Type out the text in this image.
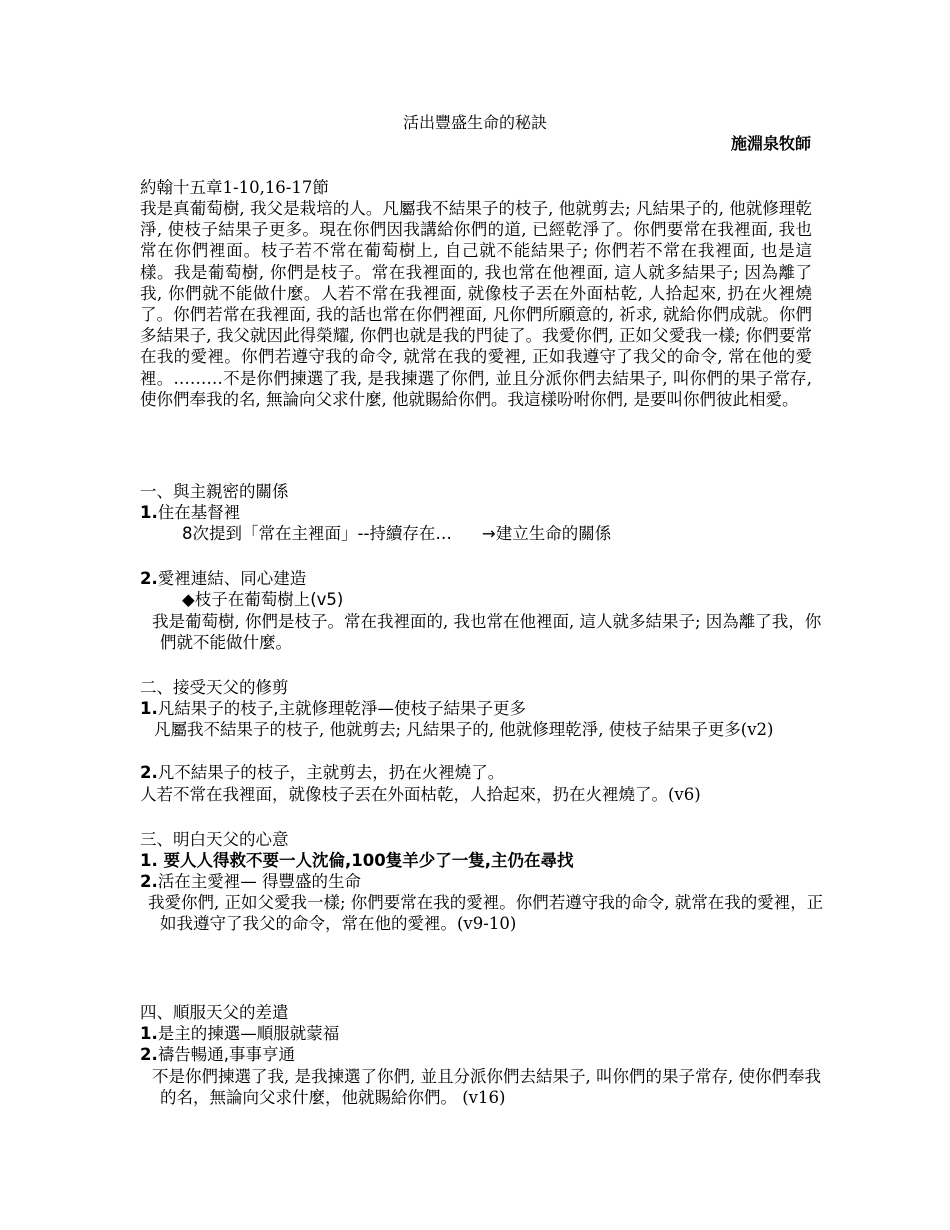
活出豐盛生命的秘訣
施淵泉牧師
約翰十五章1-10,16-17節
我是真葡萄樹, 我父是栽培的人。凡屬我不結果子的枝子, 他就剪去; 凡結果子的, 他就修理乾淨, 使枝子結果子更多。現在你們因我講給你們的道, 已經乾淨了。你們要常在我裡面, 我也常在你們裡面。枝子若不常在葡萄樹上, 自己就不能結果子; 你們若不常在我裡面, 也是這樣。我是葡萄樹, 你們是枝子。常在我裡面的, 我也常在他裡面, 這人就多結果子; 因為離了我, 你們就不能做什麼。人若不常在我裡面, 就像枝子丟在外面枯乾, 人拾起來, 扔在火裡燒了。你們若常在我裡面, 我的話也常在你們裡面, 凡你們所願意的, 祈求, 就給你們成就。你們多結果子, 我父就因此得榮耀, 你們也就是我的門徒了。我愛你們, 正如父愛我一樣; 你們要常在我的愛裡。你們若遵守我的命令, 就常在我的愛裡, 正如我遵守了我父的命令, 常在他的愛裡。………不是你們揀選了我, 是我揀選了你們, 並且分派你們去結果子, 叫你們的果子常存, 使你們奉我的名, 無論向父求什麼, 他就賜給你們。我這樣吩咐你們, 是要叫你們彼此相愛。
一、與主親密的關係
1.住在基督裡
8次提到「常在主裡面」--持續存在… →建立生命的關係
2.愛裡連結、同心建造
◆枝子在葡萄樹上(v5)
我是葡萄樹, 你們是枝子。常在我裡面的, 我也常在他裡面, 這人就多結果子; 因為離了我，你們就不能做什麼。
二、接受天父的修剪
1.凡結果子的枝子,主就修理乾淨—使枝子結果子更多
凡屬我不結果子的枝子, 他就剪去; 凡結果子的, 他就修理乾淨, 使枝子結果子更多(v2)
2.凡不結果子的枝子，主就剪去，扔在火裡燒了。
人若不常在我裡面，就像枝子丟在外面枯乾，人拾起來，扔在火裡燒了。(v6)
三、明白天父的心意
1. 要人人得救不要一人沈倫,100隻羊少了一隻,主仍在尋找
2.活在主愛裡— 得豐盛的生命
我愛你們, 正如父愛我一樣; 你們要常在我的愛裡。你們若遵守我的命令, 就常在我的愛裡，正如我遵守了我父的命令，常在他的愛裡。(v9-10)
四、順服天父的差遣
1.是主的揀選—順服就蒙福
2.禱告暢通,事事亨通
不是你們揀選了我, 是我揀選了你們, 並且分派你們去結果子, 叫你們的果子常存, 使你們奉我的名，無論向父求什麼，他就賜給你們。 (v16)
